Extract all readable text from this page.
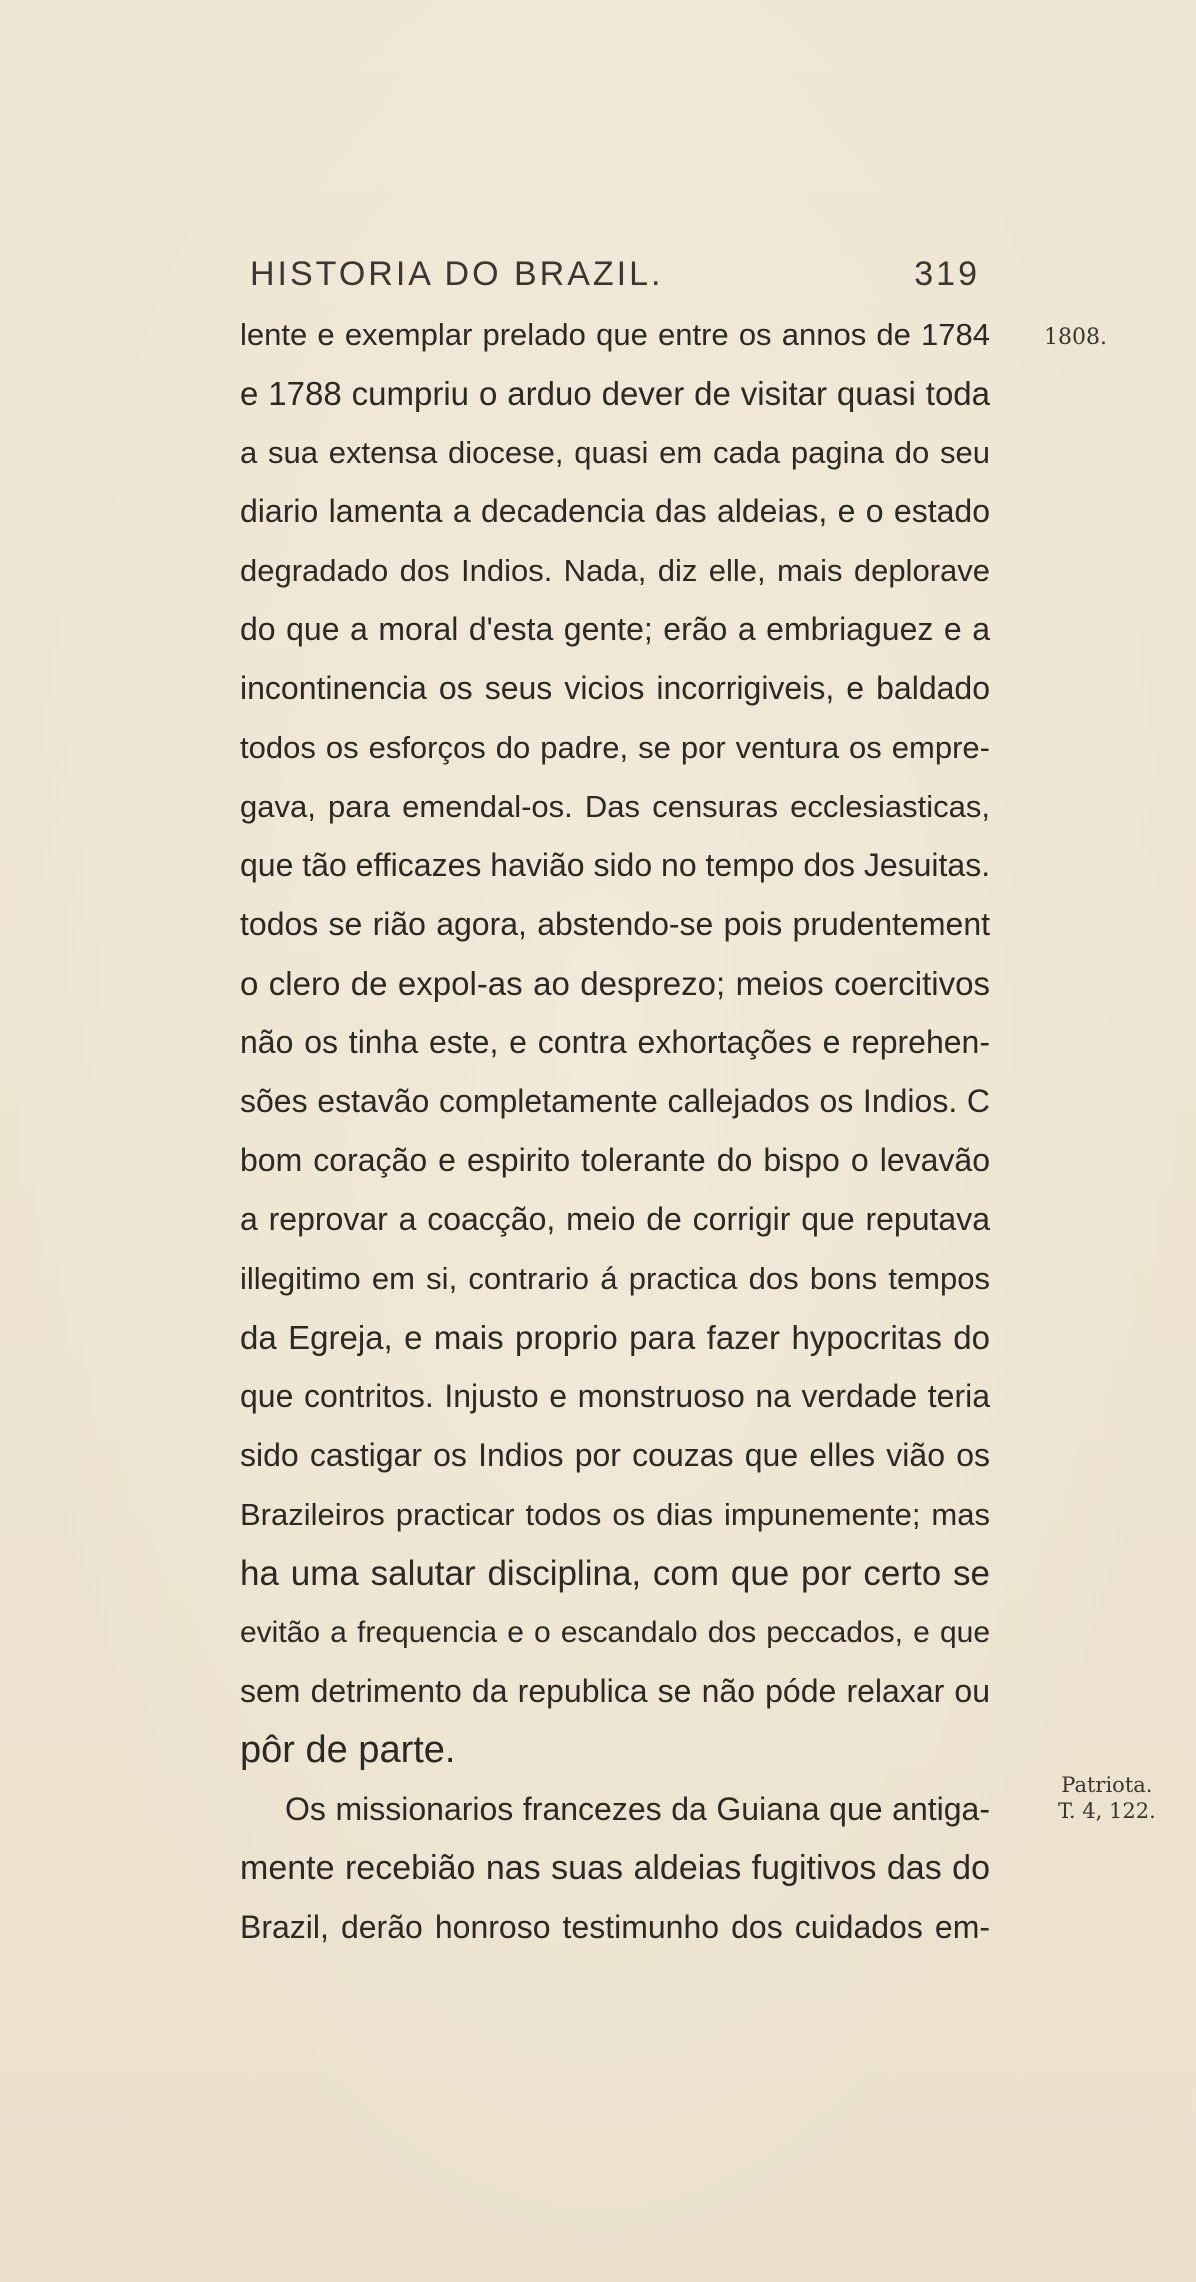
HISTORIA DO BRAZIL.	319
1808.
Patriota.
T. 4, 122.
lente e exemplar prelado que entre os annos de 1784
e 1788 cumpriu o arduo dever de visitar quasi toda
a sua extensa diocese, quasi em cada pagina do seu
diario lamenta a decadencia das aldeias, e o estado
degradado dos Indios. Nada, diz elle, mais deplorave
do que a moral d'esta gente; erão a embriaguez e a
incontinencia os seus vicios incorrigiveis, e baldado
todos os esforços do padre, se por ventura os empre-
gava, para emendal-os. Das censuras ecclesiasticas,
que tão efficazes havião sido no tempo dos Jesuitas.
todos se rião agora, abstendo-se pois prudentement
o clero de expol-as ao desprezo; meios coercitivos
não os tinha este, e contra exhortações e reprehen-
sões estavão completamente callejados os Indios. C
bom coração e espirito tolerante do bispo o levavão
a reprovar a coacção, meio de corrigir que reputava
illegitimo em si, contrario á practica dos bons tempos
da Egreja, e mais proprio para fazer hypocritas do
que contritos. Injusto e monstruoso na verdade teria
sido castigar os Indios por couzas que elles vião os
Brazileiros practicar todos os dias impunemente; mas
ha uma salutar disciplina, com que por certo se
evitão a frequencia e o escandalo dos peccados, e que
sem detrimento da republica se não póde relaxar ou
pôr de parte.
Os missionarios francezes da Guiana que antiga-
mente recebião nas suas aldeias fugitivos das do
Brazil, derão honroso testimunho dos cuidados em-
